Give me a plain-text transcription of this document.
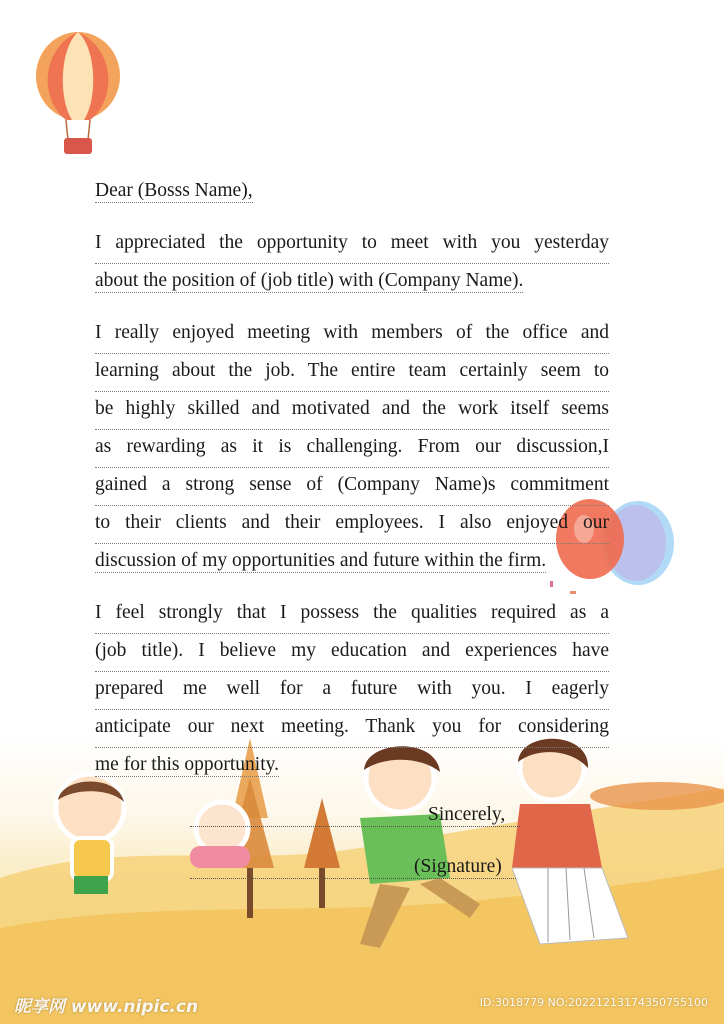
Dear (Bosss Name),
I appreciated the opportunity to meet with you yesterday
about the position of (job title) with (Company Name).
I really enjoyed meeting with members of the office and
learning about the job. The entire team certainly seem to
be highly skilled and motivated and the work itself seems
as rewarding as it is challenging. From our discussion,I
gained a strong sense of (Company Name)s commitment
to their clients and their employees. I also enjoyed our
discussion of my opportunities and future within the firm.
I feel strongly that I possess the qualities required as a
(job title). I believe my education and experiences have
prepared me well for a future with you. I eagerly
anticipate our next meeting. Thank you for considering
me for this opportunity.
Sincerely,
(Signature)
昵享网 www.nipic.cn	ID:3018779 NO:20221213174350755100
